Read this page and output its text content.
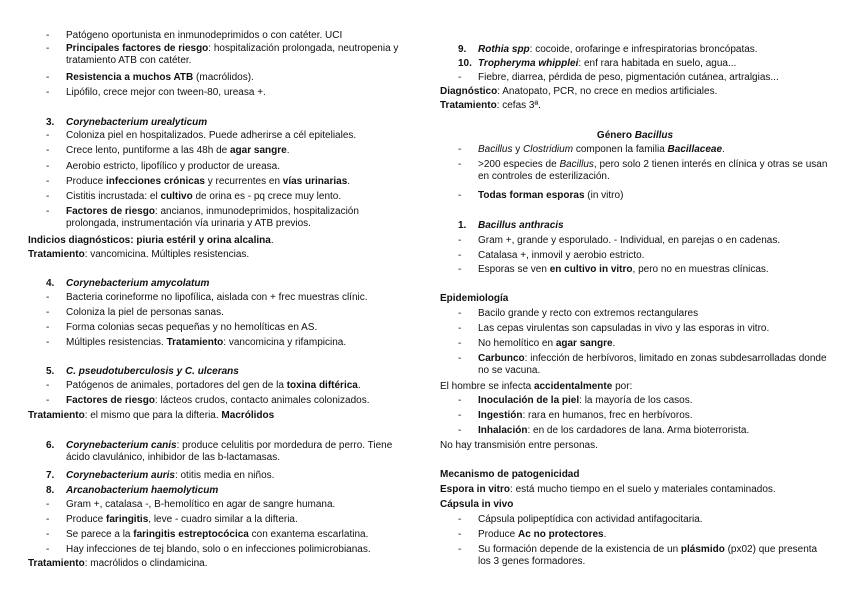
-	Patógeno oportunista en inmunodeprimidos o con catéter. UCI
-	Principales factores de riesgo: hospitalización prolongada, neutropenia y tratamiento ATB con catéter.
-	Resistencia a muchos ATB (macrólidos).
-	Lipófilo, crece mejor con tween-80, ureasa +.
3.	Corynebacterium urealyticum
-	Coloniza piel en hospitalizados. Puede adherirse a cél epiteliales.
-	Crece lento, puntiforme a las 48h de agar sangre.
-	Aerobio estricto, lipofílico y productor de ureasa.
-	Produce infecciones crónicas y recurrentes en vías urinarias.
-	Cistitis incrustada: el cultivo de orina es - pq crece muy lento.
-	Factores de riesgo: ancianos, inmunodeprimidos, hospitalización prolongada, instrumentación vía urinaria y ATB previos.
Indicios diagnósticos: piuria estéril y orina alcalina.
Tratamiento: vancomicina. Múltiples resistencias.
4.	Corynebacterium amycolatum
-	Bacteria corineforme no lipofílica, aislada con + frec muestras clínic.
-	Coloniza la piel de personas sanas.
-	Forma colonias secas pequeñas y no hemolíticas en AS.
-	Múltiples resistencias. Tratamiento: vancomicina y rifampicina.
5.	C. pseudotuberculosis y C. ulcerans
-	Patógenos de animales, portadores del gen de la toxina diftérica.
-	Factores de riesgo: lácteos crudos, contacto animales colonizados.
Tratamiento: el mismo que para la difteria. Macrólidos
6.	Corynebacterium canis: produce celulitis por mordedura de perro. Tiene ácido clavulánico, inhibidor de las b-lactamasas.
7.	Corynebacterium auris: otitis media en niños.
8.	Arcanobacterium haemolyticum
-	Gram +, catalasa -, B-hemolítico en agar de sangre humana.
-	Produce faringitis, leve - cuadro similar a la difteria.
-	Se parece a la faringitis estreptocócica con exantema escarlatina.
-	Hay infecciones de tej blando, solo o en infecciones polimicrobianas.
Tratamiento: macrólidos o clindamicina.
9.	Rothia spp: cocoide, orofaringe e infrespiratorias broncópatas.
10. Tropheryma whipplei: enf rara habitada en suelo, agua...
-	Fiebre, diarrea, pérdida de peso, pigmentación cutánea, artralgias...
Diagnóstico: Anatopato, PCR, no crece en medios artificiales.
Tratamiento: cefas 3ª.
Género Bacillus
-	Bacillus y Clostridium componen la familia Bacillaceae.
-	>200 especies de Bacillus, pero solo 2 tienen interés en clínica y otras se usan en controles de esterilización.
-	Todas forman esporas (in vitro)
1.	Bacillus anthracis
-	Gram +, grande y esporulado. - Individual, en parejas o en cadenas.
-	Catalasa +, inmovil y aerobio estricto.
-	Esporas se ven en cultivo in vitro, pero no en muestras clínicas.
Epidemiología
-	Bacilo grande y recto con extremos rectangulares
-	Las cepas virulentas son capsuladas in vivo y las esporas in vitro.
-	No hemolítico en agar sangre.
-	Carbunco: infección de herbívoros, limitado en zonas subdesarrolladas donde no se vacuna.
El hombre se infecta accidentalmente por:
-	Inoculación de la piel: la mayoría de los casos.
-	Ingestión: rara en humanos, frec en herbívoros.
-	Inhalación: en de los cardadores de lana. Arma bioterrorista.
No hay transmisión entre personas.
Mecanismo de patogenicidad
Espora in vitro: está mucho tiempo en el suelo y materiales contaminados.
Cápsula in vivo
-	Cápsula polipeptídica con actividad antifagocitaria.
-	Produce Ac no protectores.
-	Su formación depende de la existencia de un plásmido (px02) que presenta los 3 genes formadores.
